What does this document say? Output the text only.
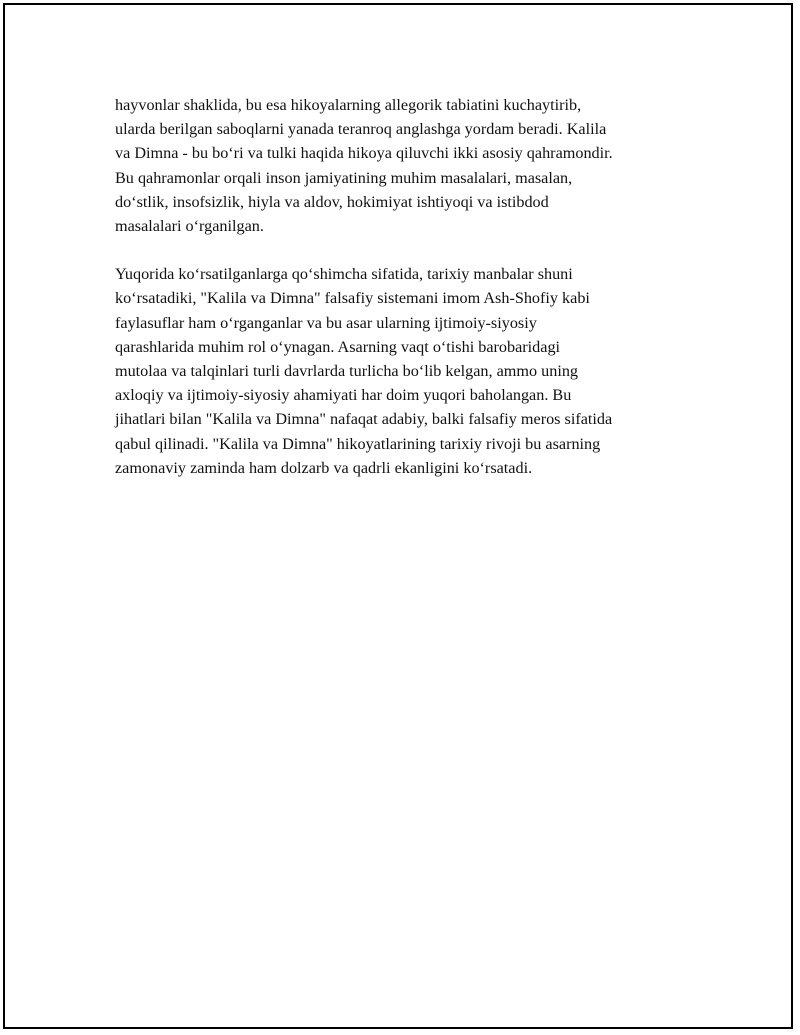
hayvonlar shaklida, bu esa hikoyalarning allegorik tabiatini kuchaytirib,
ularda berilgan saboqlarni yanada teranroq anglashga yordam beradi. Kalila
va Dimna - bu bo‘ri va tulki haqida hikoya qiluvchi ikki asosiy qahramondir.
Bu qahramonlar orqali inson jamiyatining muhim masalalari, masalan,
do‘stlik, insofsizlik, hiyla va aldov, hokimiyat ishtiyoqi va istibdod
masalalari o‘rganilgan.

Yuqorida ko‘rsatilganlarga qo‘shimcha sifatida, tarixiy manbalar shuni
ko‘rsatadiki, "Kalila va Dimna" falsafiy sistemani imom Ash-Shofiy kabi
faylasuflar ham o‘rganganlar va bu asar ularning ijtimoiy-siyosiy
qarashlarida muhim rol o‘ynagan. Asarning vaqt o‘tishi barobaridagi
mutolaa va talqinlari turli davrlarda turlicha bo‘lib kelgan, ammo uning
axloqiy va ijtimoiy-siyosiy ahamiyati har doim yuqori baholangan. Bu
jihatlari bilan "Kalila va Dimna" nafaqat adabiy, balki falsafiy meros sifatida
qabul qilinadi. "Kalila va Dimna" hikoyatlarining tarixiy rivoji bu asarning
zamonaviy zaminda ham dolzarb va qadrli ekanligini ko‘rsatadi.
